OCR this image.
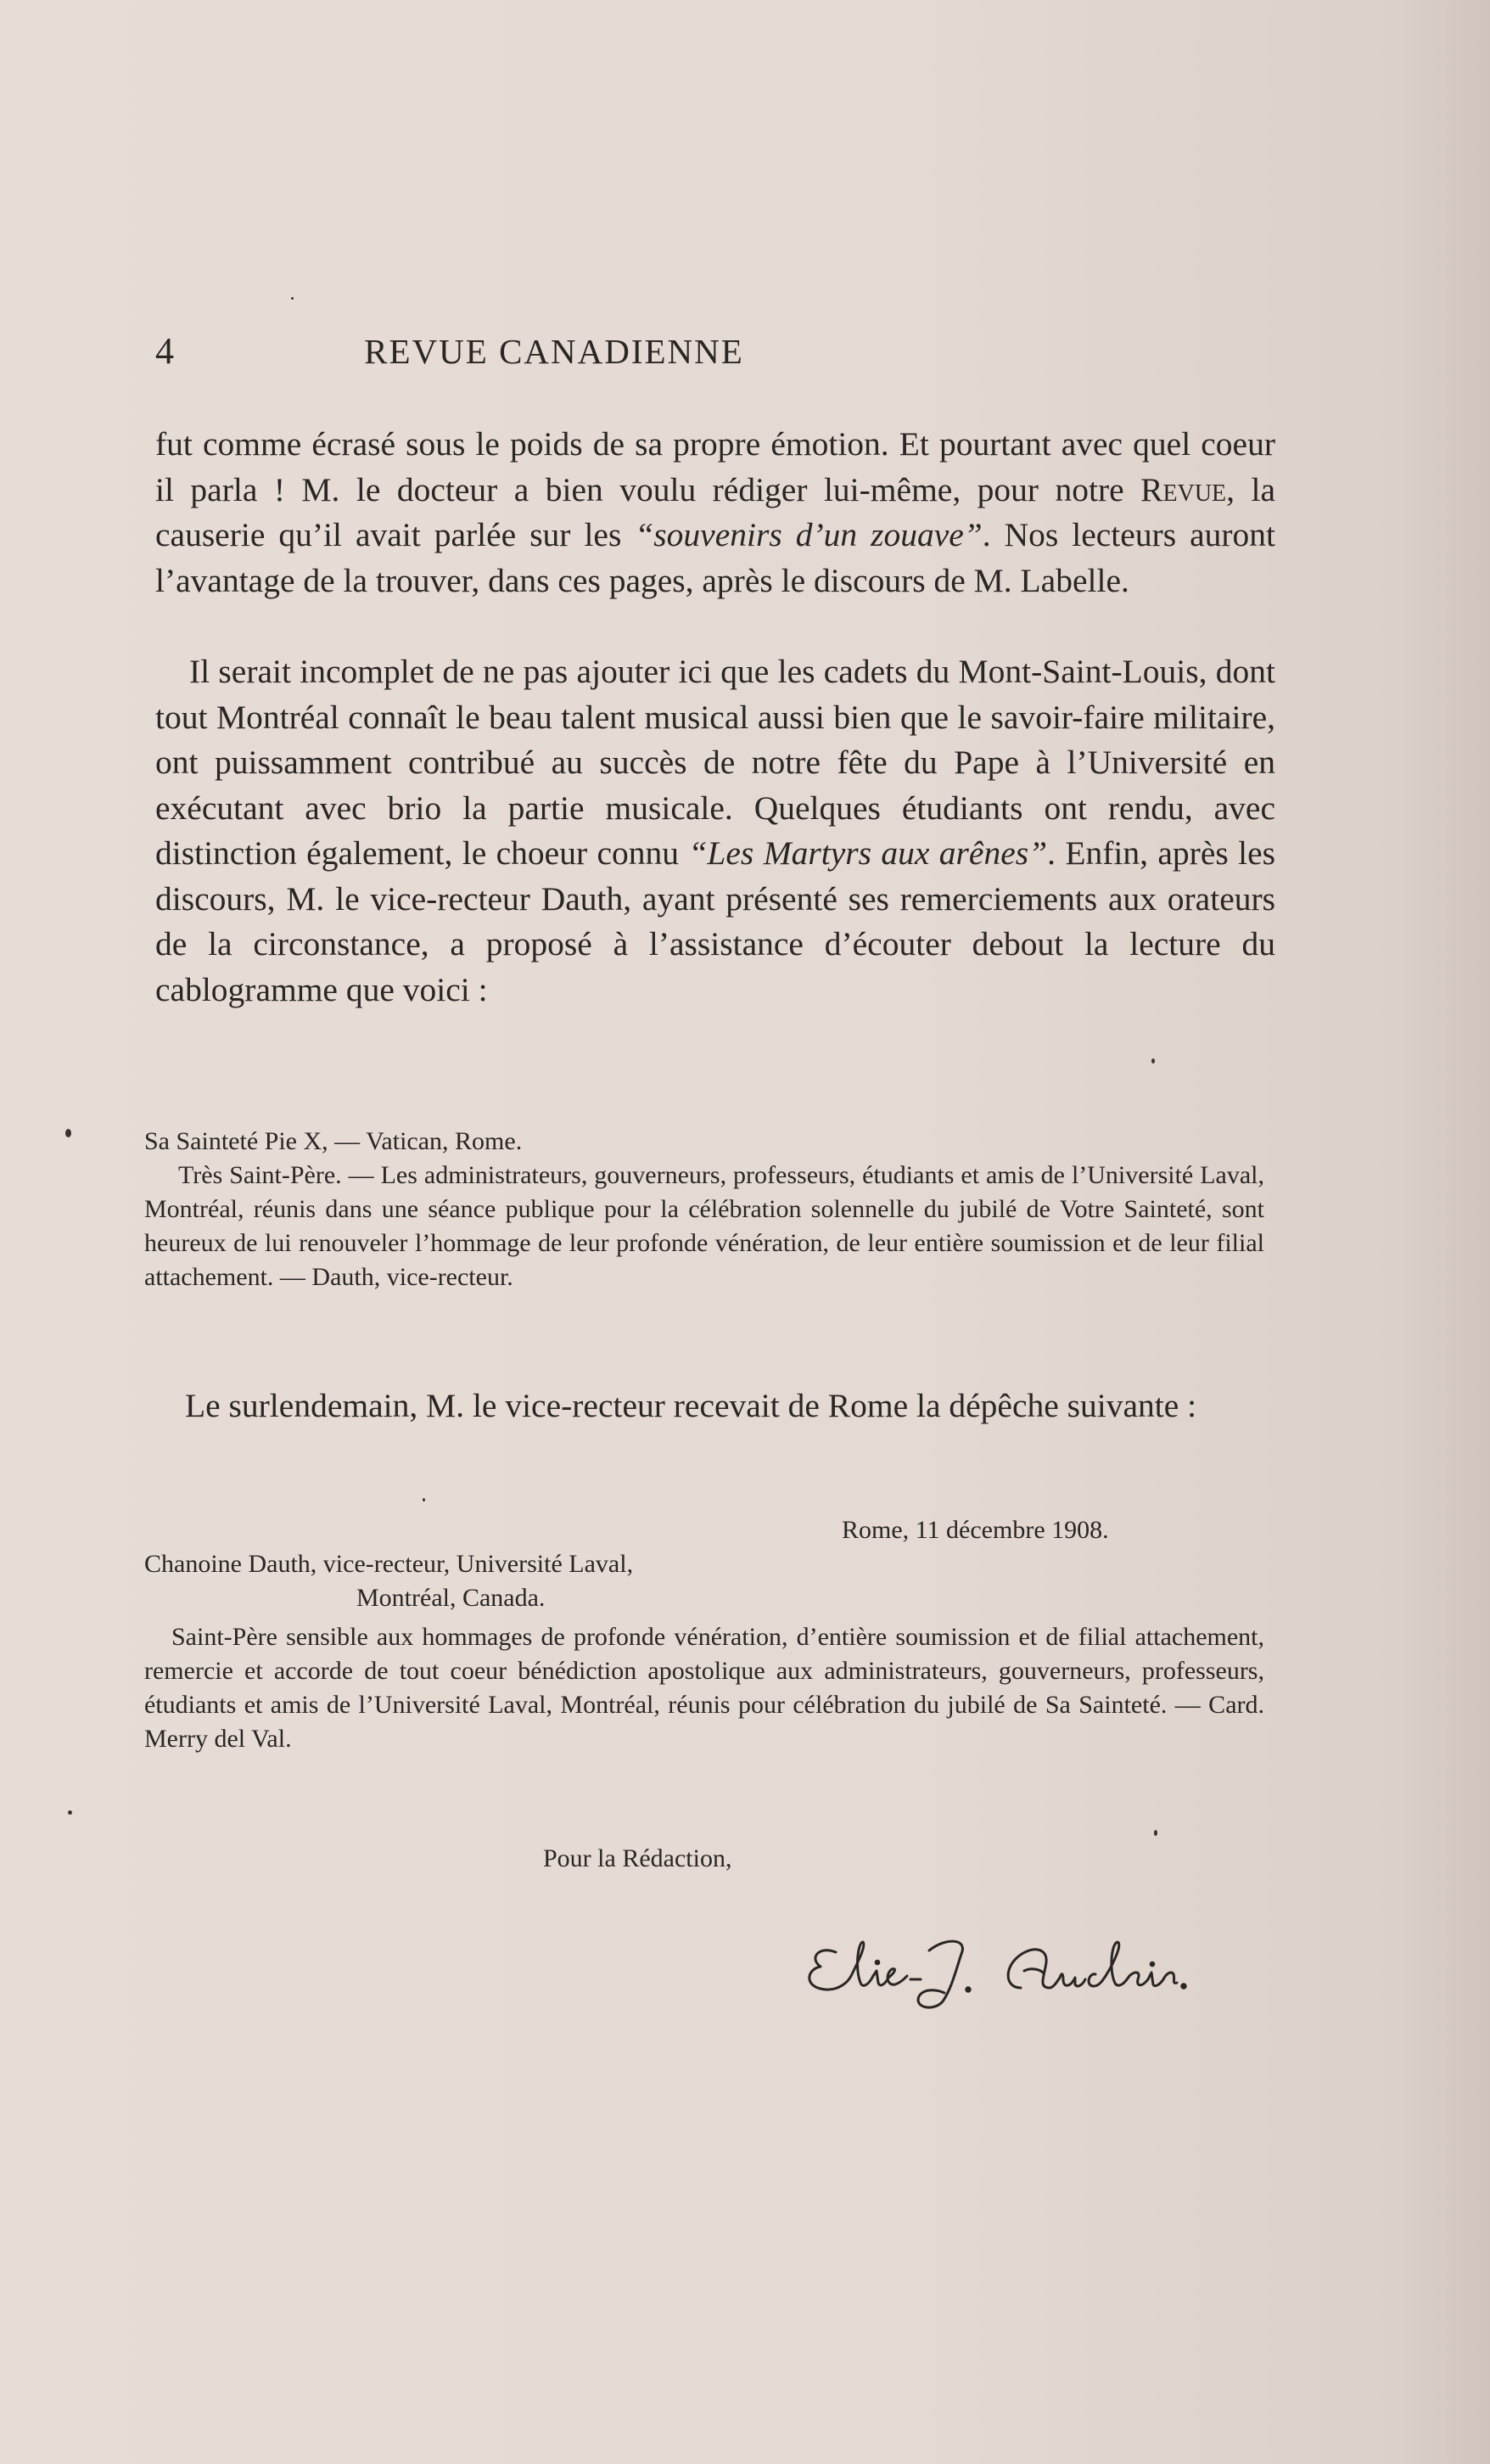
4	REVUE CANADIENNE

fut comme écrasé sous le poids de sa propre émotion. Et pourtant avec quel coeur il parla ! M. le docteur a bien voulu rédiger lui-même, pour notre Revue, la causerie qu’il avait parlée sur les “souvenirs d’un zouave”. Nos lecteurs auront l’avantage de la trouver, dans ces pages, après le discours de M. Labelle.

Il serait incomplet de ne pas ajouter ici que les cadets du Mont-Saint-Louis, dont tout Montréal connaît le beau talent musical aussi bien que le savoir-faire militaire, ont puissamment contribué au succès de notre fête du Pape à l’Université en exécutant avec brio la partie musicale. Quelques étudiants ont rendu, avec distinction également, le choeur connu “Les Martyrs aux arênes”. Enfin, après les discours, M. le vice-recteur Dauth, ayant présenté ses remerciements aux orateurs de la circonstance, a proposé à l’assistance d’écouter debout la lecture du cablogramme que voici :

Sa Sainteté Pie X, — Vatican, Rome.

Très Saint-Père. — Les administrateurs, gouverneurs, professeurs, étudiants et amis de l’Université Laval, Montréal, réunis dans une séance publique pour la célébration solennelle du jubilé de Votre Sainteté, sont heureux de lui renouveler l’hommage de leur profonde vénération, de leur entière soumission et de leur filial attachement. — Dauth, vice-recteur.

Le surlendemain, M. le vice-recteur recevait de Rome la dépêche suivante :

Rome, 11 décembre 1908.

Chanoine Dauth, vice-recteur, Université Laval,

Montréal, Canada.

Saint-Père sensible aux hommages de profonde vénération, d’entière soumission et de filial attachement, remercie et accorde de tout coeur bénédiction apostolique aux administrateurs, gouverneurs, professeurs, étudiants et amis de l’Université Laval, Montréal, réunis pour célébration du jubilé de Sa Sainteté. — Card. Merry del Val.

Pour la Rédaction,
